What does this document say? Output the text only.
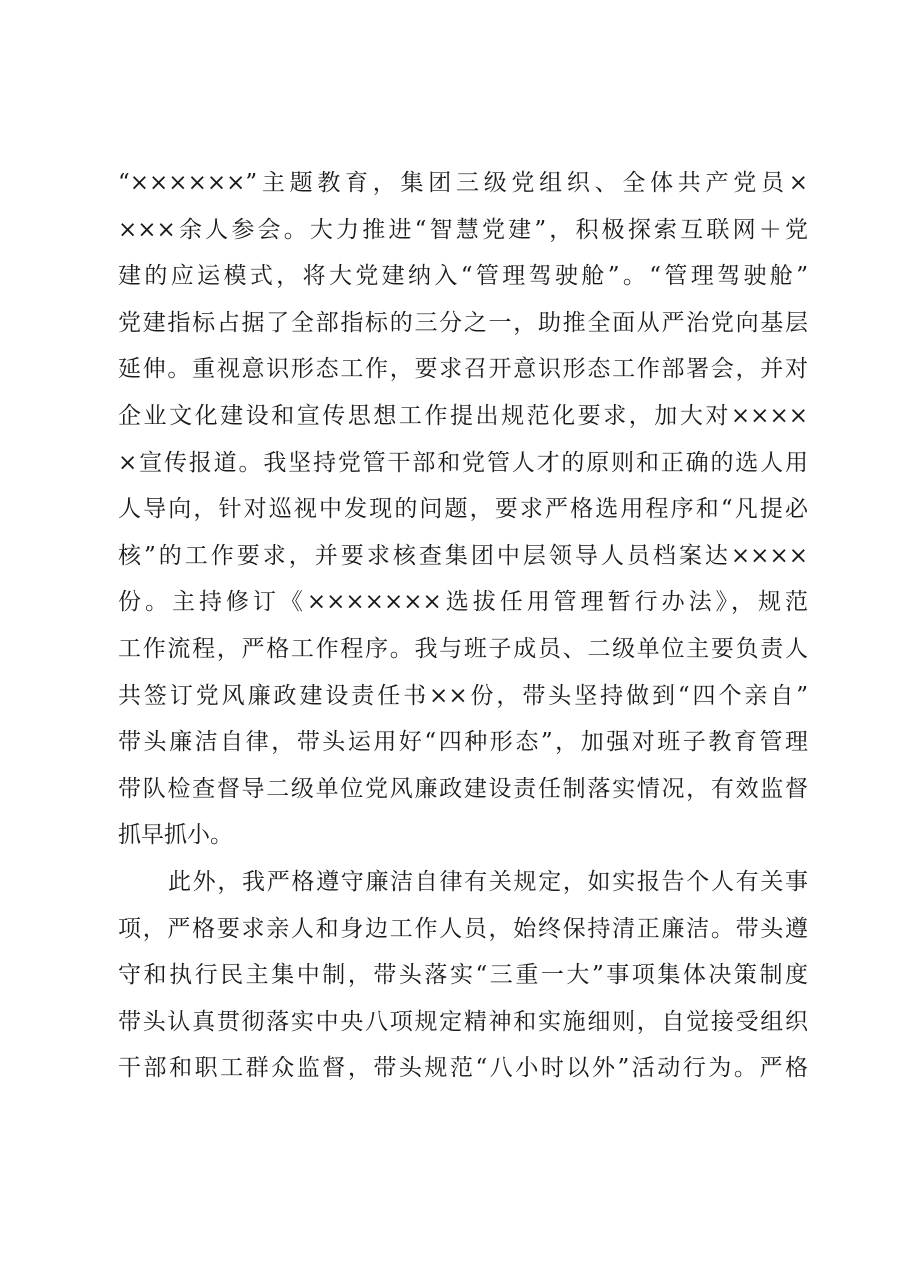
“××××××”主题教育，集团三级党组织、全体共产党员×
×××余人参会。大力推进“智慧党建”，积极探索互联网＋党
建的应运模式，将大党建纳入“管理驾驶舱”。“管理驾驶舱”
党建指标占据了全部指标的三分之一，助推全面从严治党向基层
延伸。重视意识形态工作，要求召开意识形态工作部署会，并对
企业文化建设和宣传思想工作提出规范化要求，加大对××××
×宣传报道。我坚持党管干部和党管人才的原则和正确的选人用
人导向，针对巡视中发现的问题，要求严格选用程序和“凡提必
核”的工作要求，并要求核查集团中层领导人员档案达××××
份。主持修订《×××××××选拔任用管理暂行办法》，规范
工作流程，严格工作程序。我与班子成员、二级单位主要负责人
共签订党风廉政建设责任书××份，带头坚持做到“四个亲自”
带头廉洁自律，带头运用好“四种形态”，加强对班子教育管理
带队检查督导二级单位党风廉政建设责任制落实情况，有效监督
抓早抓小。
此外，我严格遵守廉洁自律有关规定，如实报告个人有关事
项，严格要求亲人和身边工作人员，始终保持清正廉洁。带头遵
守和执行民主集中制，带头落实“三重一大”事项集体决策制度
带头认真贯彻落实中央八项规定精神和实施细则，自觉接受组织
干部和职工群众监督，带头规范“八小时以外”活动行为。严格
